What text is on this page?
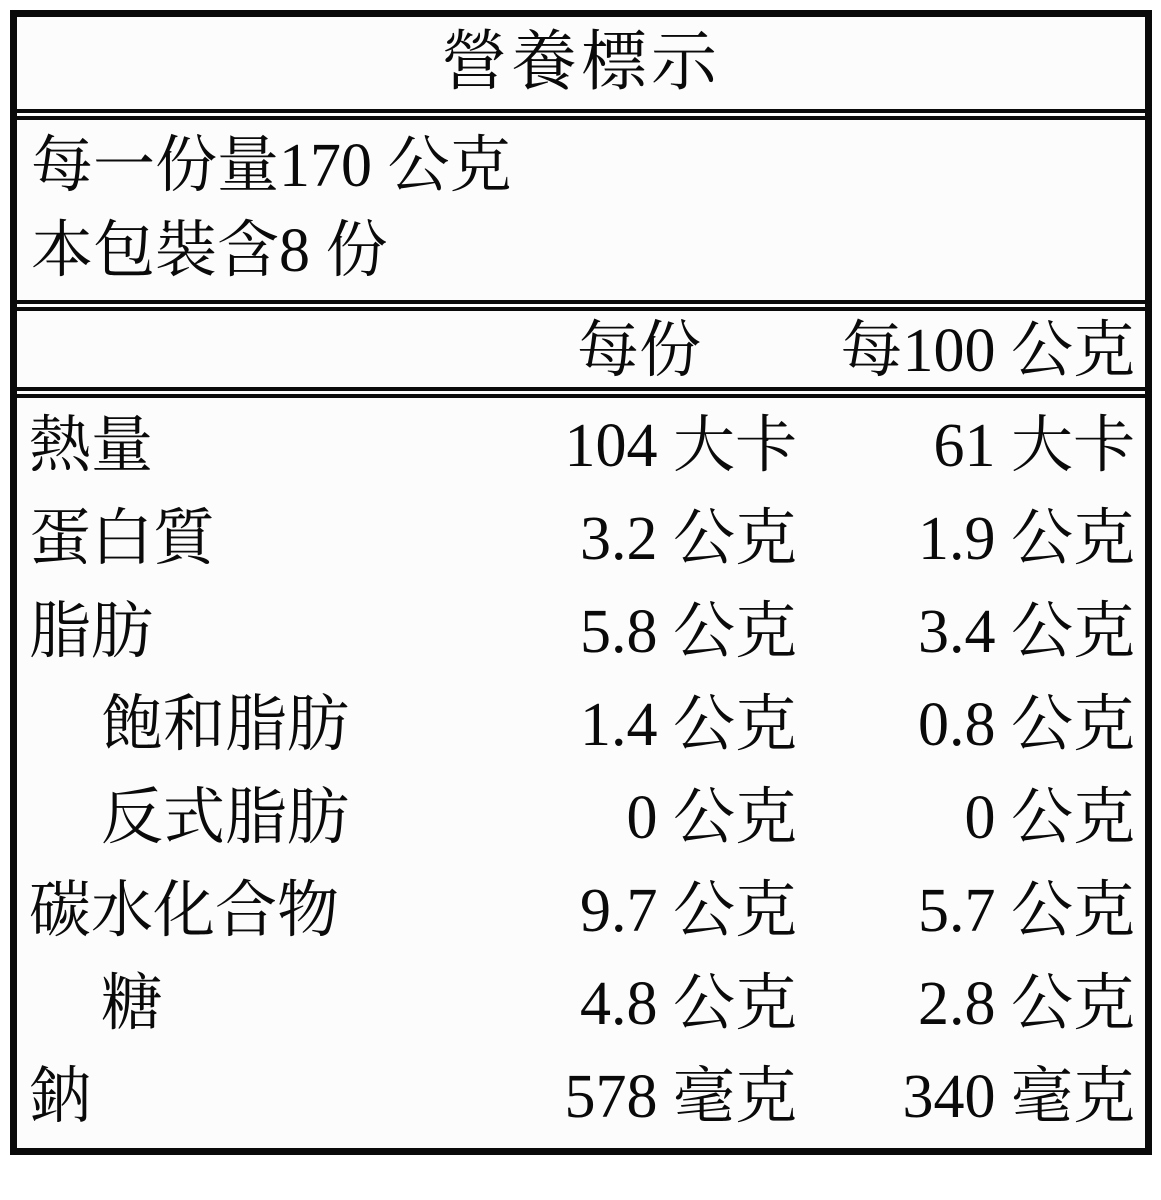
營養標示
每一份量170 公克
本包裝含8 份
每份	每100 公克
熱量	104 大卡	61 大卡
蛋白質	3.2 公克	1.9 公克
脂肪	5.8 公克	3.4 公克
飽和脂肪	1.4 公克	0.8 公克
反式脂肪	0 公克	0 公克
碳水化合物	9.7 公克	5.7 公克
糖	4.8 公克	2.8 公克
鈉	578 毫克	340 毫克
